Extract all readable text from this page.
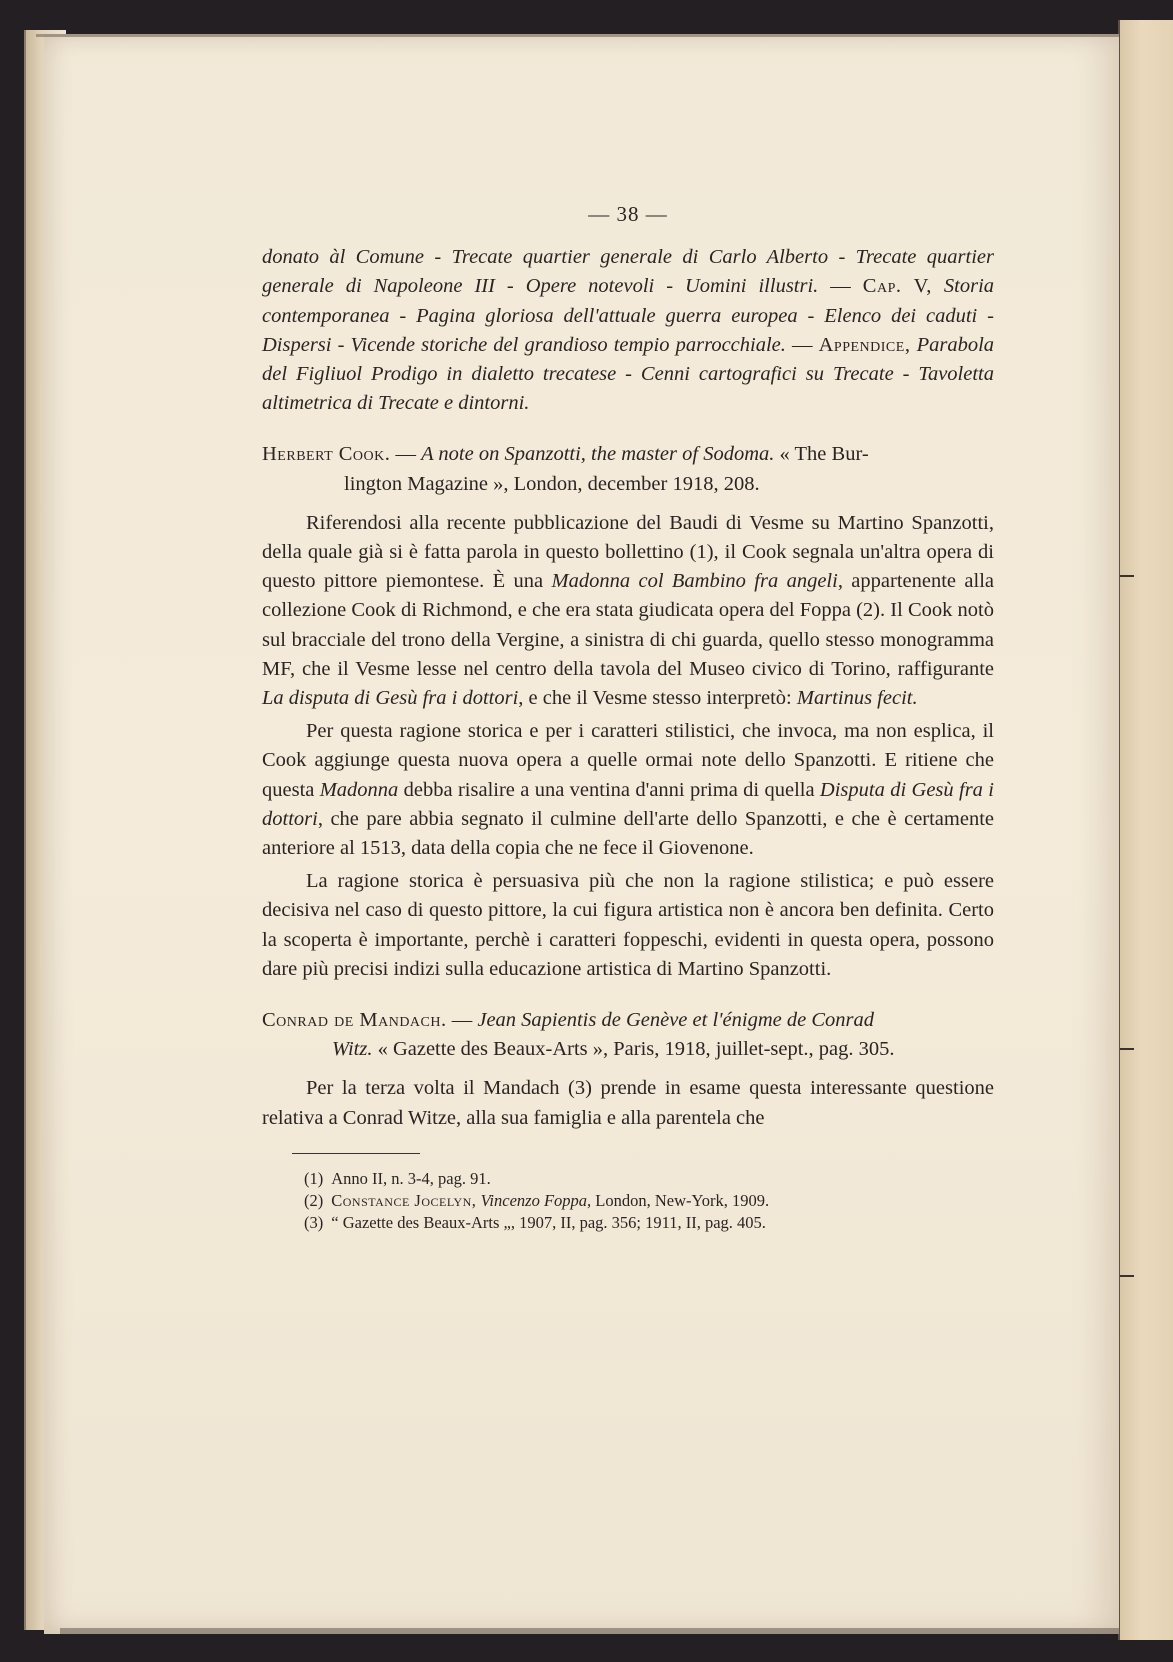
— 38 —

donato àl Comune - Trecate quartier generale di Carlo Alberto - Trecate quartier generale di Napoleone III - Opere notevoli - Uomini illustri. — Cap. V, Storia contemporanea - Pagina gloriosa dell'attuale guerra europea - Elenco dei caduti - Dispersi - Vicende storiche del grandioso tempio parrocchiale. — Appendice, Parabola del Figliuol Prodigo in dialetto trecatese - Cenni cartografici su Trecate - Tavoletta altimetrica di Trecate e dintorni.

Herbert Cook. — A note on Spanzotti, the master of Sodoma. « The Bur-
lington Magazine », London, december 1918, 208.

Riferendosi alla recente pubblicazione del Baudi di Vesme su Martino Spanzotti, della quale già si è fatta parola in questo bollettino (1), il Cook segnala un'altra opera di questo pittore piemontese. È una Madonna col Bambino fra angeli, appartenente alla collezione Cook di Richmond, e che era stata giudicata opera del Foppa (2). Il Cook notò sul bracciale del trono della Vergine, a sinistra di chi guarda, quello stesso monogramma MF, che il Vesme lesse nel centro della tavola del Museo civico di Torino, raffigurante La disputa di Gesù fra i dottori, e che il Vesme stesso interpretò: Martinus fecit.

Per questa ragione storica e per i caratteri stilistici, che invoca, ma non esplica, il Cook aggiunge questa nuova opera a quelle ormai note dello Spanzotti. E ritiene che questa Madonna debba risalire a una ventina d'anni prima di quella Disputa di Gesù fra i dottori, che pare abbia segnato il culmine dell'arte dello Spanzotti, e che è certamente anteriore al 1513, data della copia che ne fece il Giovenone.

La ragione storica è persuasiva più che non la ragione stilistica; e può essere decisiva nel caso di questo pittore, la cui figura artistica non è ancora ben definita. Certo la scoperta è importante, perchè i caratteri foppeschi, evidenti in questa opera, possono dare più precisi indizi sulla educazione artistica di Martino Spanzotti.

Conrad de Mandach. — Jean Sapientis de Genève et l'énigme de Conrad
Witz. « Gazette des Beaux-Arts », Paris, 1918, juillet-sept., pag. 305.

Per la terza volta il Mandach (3) prende in esame questa interessante questione relativa a Conrad Witze, alla sua famiglia e alla parentela che

(1) Anno II, n. 3-4, pag. 91.

(2) Constance Jocelyn, Vincenzo Foppa, London, New-York, 1909.

(3) “ Gazette des Beaux-Arts „, 1907, II, pag. 356; 1911, II, pag. 405.
